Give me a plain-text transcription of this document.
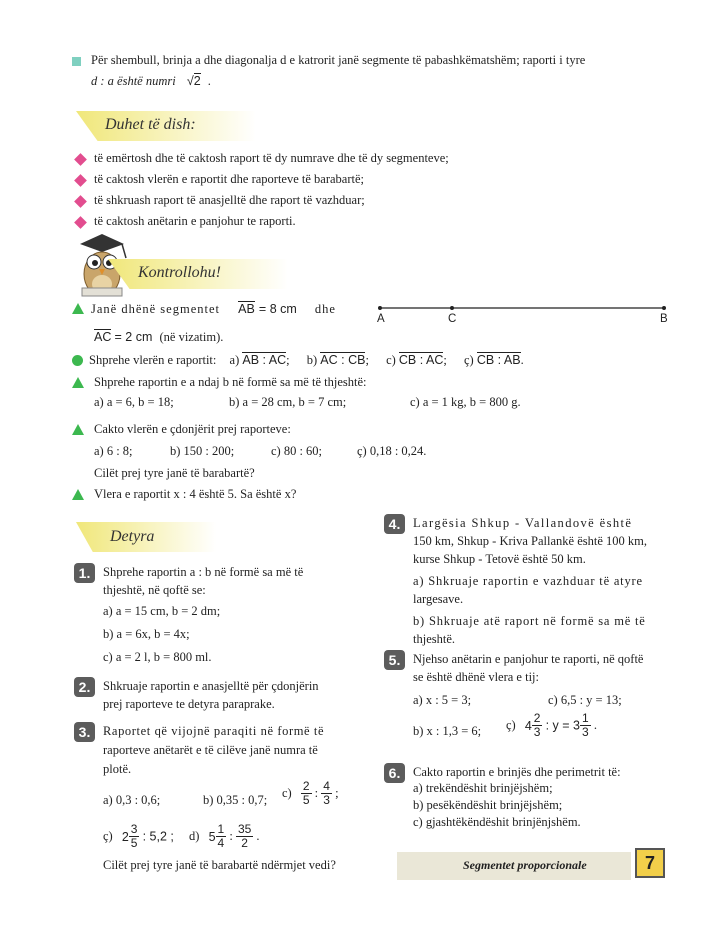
Për shembull, brinja a dhe diagonalja d e katrorit janë segmente të pabashkëmatshëm; raporti i tyre
d : a është numri √2 .
Duhet të dish:
të emërtosh dhe të caktosh raport të dy numrave dhe të dy segmenteve;
të caktosh vlerën e raportit dhe raporteve të barabartë;
të shkruash raport të anasjelltë dhe raport të vazhduar;
të caktosh anëtarin e panjohur te raporti.
Kontrollohu!
Janë dhënë segmentet AB = 8 cm dhe
AC = 2 cm (në vizatim).
A	C	B
Shprehe vlerën e raportit: a) AB : AC; b) AC : CB; c) CB : AC; ç) CB : AB.
Shprehe raportin e a ndaj b në formë sa më të thjeshtë:
a) a = 6, b = 18;	b) a = 28 cm, b = 7 cm;	c) a = 1 kg, b = 800 g.
Cakto vlerën e çdonjërit prej raporteve:
a) 6 : 8;	b) 150 : 200;	c) 80 : 60;	ç) 0,18 : 0,24.
Cilët prej tyre janë të barabartë?
Vlera e raportit x : 4 është 5. Sa është x?
Detyra
1.	Shprehe raportin a : b në formë sa më të
thjeshtë, në qoftë se:
a) a = 15 cm, b = 2 dm;
b) a = 6x, b = 4x;
c) a = 2 l, b = 800 ml.
2.	Shkruaje raportin e anasjelltë për çdonjërin
prej raporteve te detyra paraprake.
3.	Raportet që vijojnë paraqiti në formë të
raporteve anëtarët e të cilëve janë numra të
plotë.
a) 0,3 : 0,6;	b) 0,35 : 0,7; $c) \frac{2}{5}$ : $\frac{4}{3}$ ;
ç) $2 \frac{3}{5}$ : 5,2 ; d) $5 \frac{1}{4}$ : $\frac{35}{2}$ .
Cilët prej tyre janë të barabartë ndërmjet vedi?
4.	Largësia Shkup - Vallandovë është
150 km, Shkup - Kriva Pallankë është 100 km,
kurse Shkup - Tetovë është 50 km.
a) Shkruaje raportin e vazhduar të atyre
largesave.
b) Shkruaje atë raport në formë sa më të
thjeshtë.
5.	Njehso anëtarin e panjohur te raporti, në qoftë
se është dhënë vlera e tij:
a) x : 5 = 3;	c) 6,5 : y = 13;
b) x : 1,3 = 6; ç) $4 \frac{2}{3}$ : $y = 3 \frac{1}{3}$ .
6.	Cakto raportin e brinjës dhe perimetrit të:
a) trekëndëshit brinjëjshëm;
b) pesëkëndëshit brinjëjshëm;
c) gjashtëkëndëshit brinjënjshëm.
Segmentet proporcionale	7
